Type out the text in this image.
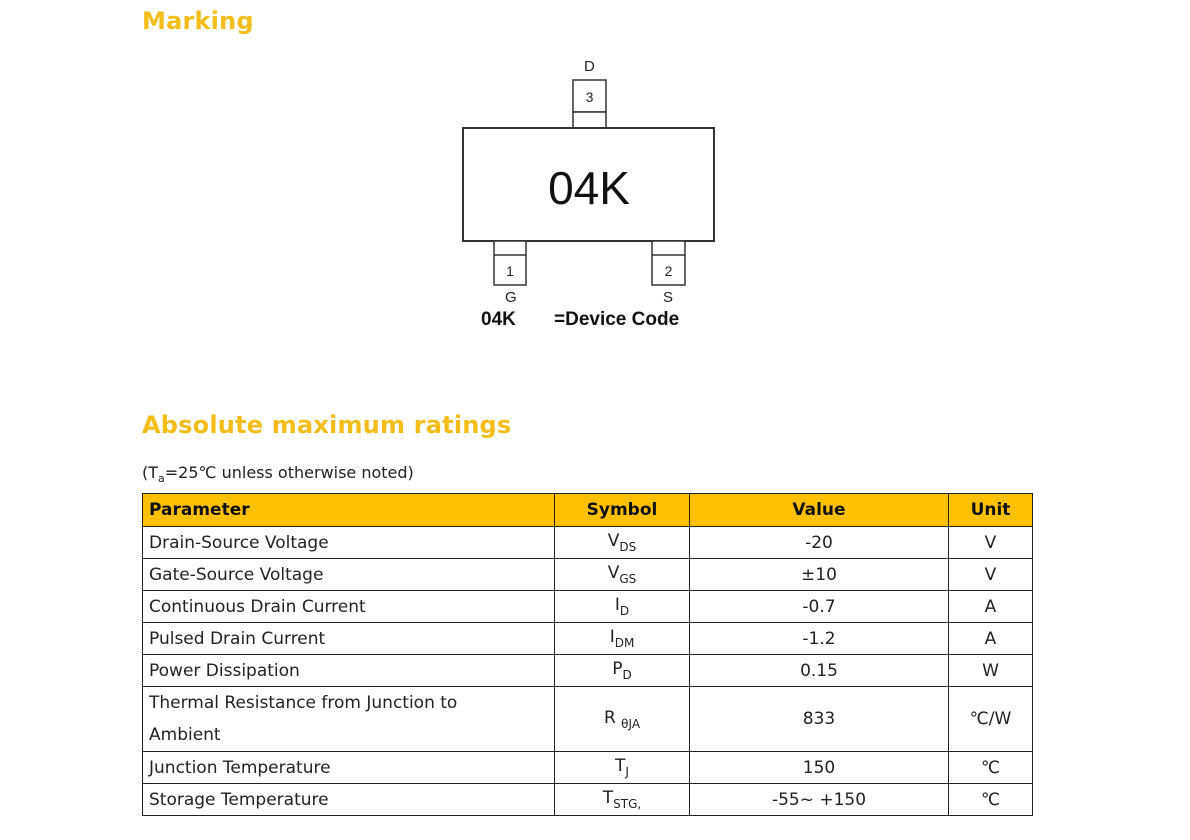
Marking
3
04K
1	2
D
G	S
04K =Device Code
Absolute maximum ratings
($T_a=25℃$ unless otherwise noted)
Parameter	Symbol	Value	Unit
Drain-Source Voltage	$V_{DS}$	-20	V
Gate-Source Voltage	$V_{GS}$	±10	V
Continuous Drain Current	$I_D$	-0.7	A
Pulsed Drain Current	$I_{DM}$	-1.2	A
Power Dissipation	$P_D$	0.15	W
Thermal Resistance from Junction to
Ambient	R $_{\theta JA}$	833	℃/W
Junction Temperature	$T_J$	150	℃
Storage Temperature	$T_{STG,}$	-55~ +150	℃
